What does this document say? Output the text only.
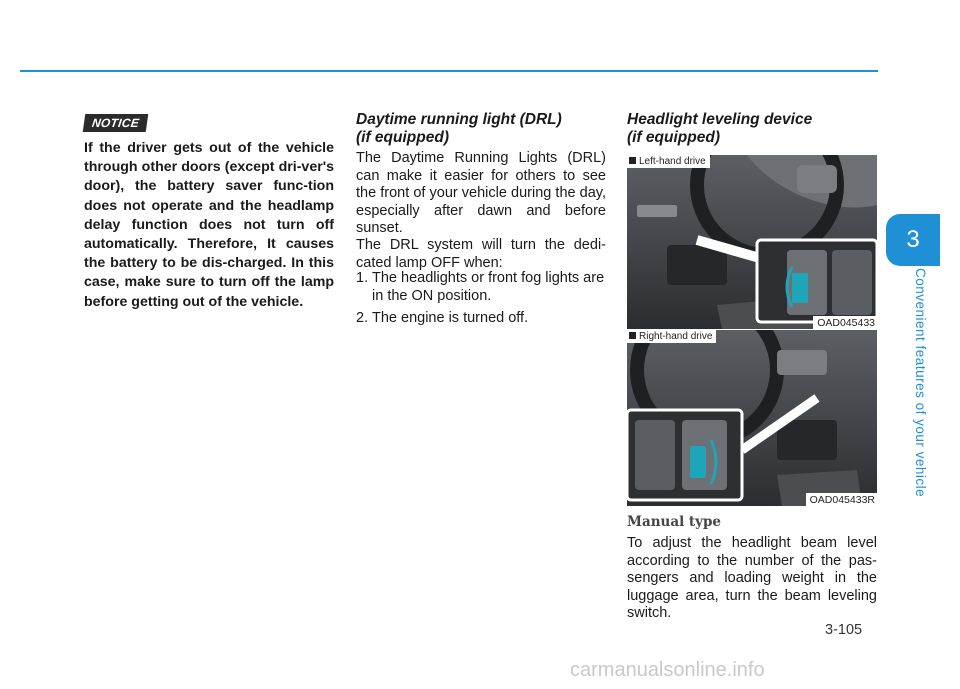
3
Convenient features of your vehicle
NOTICE

If the driver gets out of the vehicle through other doors (except dri-ver's door), the battery saver func-tion does not operate and the headlamp delay function does not turn off automatically. Therefore, It causes the battery to be dis-charged. In this case, make sure to turn off the lamp before getting out of the vehicle.

Daytime running light (DRL)
(if equipped)

The Daytime Running Lights (DRL) can make it easier for others to see the front of your vehicle during the day, especially after dawn and before sunset.

The DRL system will turn the dedi-cated lamp OFF when:

1. The headlights or front fog lights are in the ON position.
2. The engine is turned off.
Headlight leveling device
(if equipped)
Left-hand drive
OAD045433
Right-hand drive
OAD045433R
Manual type

To adjust the headlight beam level according to the number of the pas-sengers and loading weight in the luggage area, turn the beam leveling switch.

3-105
carmanualsonline.info
